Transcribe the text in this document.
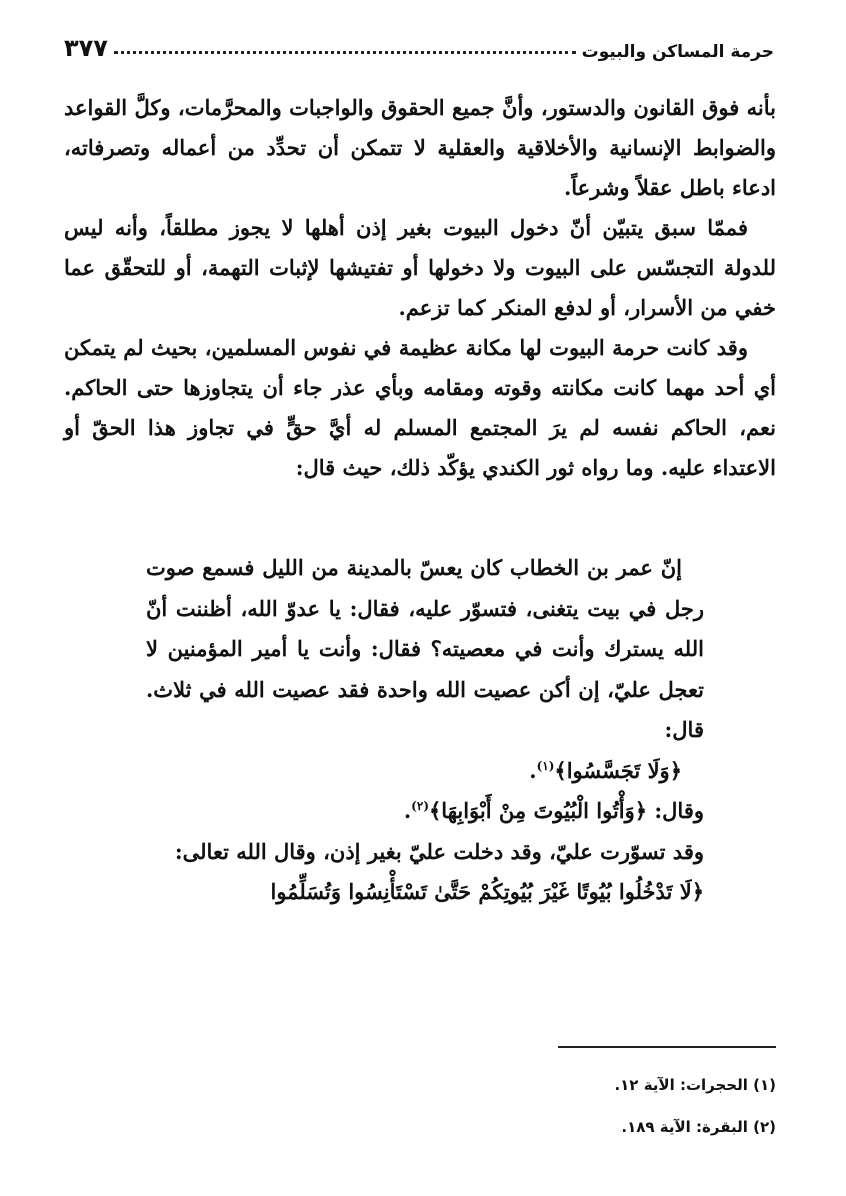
حرمة المساكن والبيوت
٣٧٧

بأنه فوق القانون والدستور، وأنَّ جميع الحقوق والواجبات والمحرَّمات، وكلَّ القواعد والضوابط الإنسانية والأخلاقية والعقلية لا تتمكن أن تحدِّد من أعماله وتصرفاته، ادعاء باطل عقلاً وشرعاً.

فممّا سبق يتبيّن أنّ دخول البيوت بغير إذن أهلها لا يجوز مطلقاً، وأنه ليس للدولة التجسّس على البيوت ولا دخولها أو تفتيشها لإثبات التهمة، أو للتحقّق عما خفي من الأسرار، أو لدفع المنكر كما تزعم.

وقد كانت حرمة البيوت لها مكانة عظيمة في نفوس المسلمين، بحيث لم يتمكن أي أحد مهما كانت مكانته وقوته ومقامه وبأي عذر جاء أن يتجاوزها حتى الحاكم. نعم، الحاكم نفسه لم يرَ المجتمع المسلم له أيَّ حقٍّ في تجاوز هذا الحقّ أو الاعتداء عليه. وما رواه ثور الكندي يؤكّد ذلك، حيث قال:

إنّ عمر بن الخطاب كان يعسّ بالمدينة من الليل فسمع صوت رجل في بيت يتغنى، فتسوّر عليه، فقال: يا عدوّ الله، أظننت أنّ الله يسترك وأنت في معصيته؟ فقال: وأنت يا أمير المؤمنين لا تعجل عليّ، إن أكن عصيت الله واحدة فقد عصيت الله في ثلاث. قال:

﴿وَلَا تَجَسَّسُوا﴾$^{(١)}$.

وقال: ﴿وَأْتُوا الْبُيُوتَ مِنْ أَبْوَابِهَا﴾$^{(٢)}$.

وقد تسوّرت عليّ، وقد دخلت عليّ بغير إذن، وقال الله تعالى:

﴿لَا تَدْخُلُوا بُيُوتًا غَيْرَ بُيُوتِكُمْ حَتَّىٰ تَسْتَأْنِسُوا وَتُسَلِّمُوا

(١) الحجرات: الآية ١٢.

(٢) البقرة: الآية ١٨٩.
